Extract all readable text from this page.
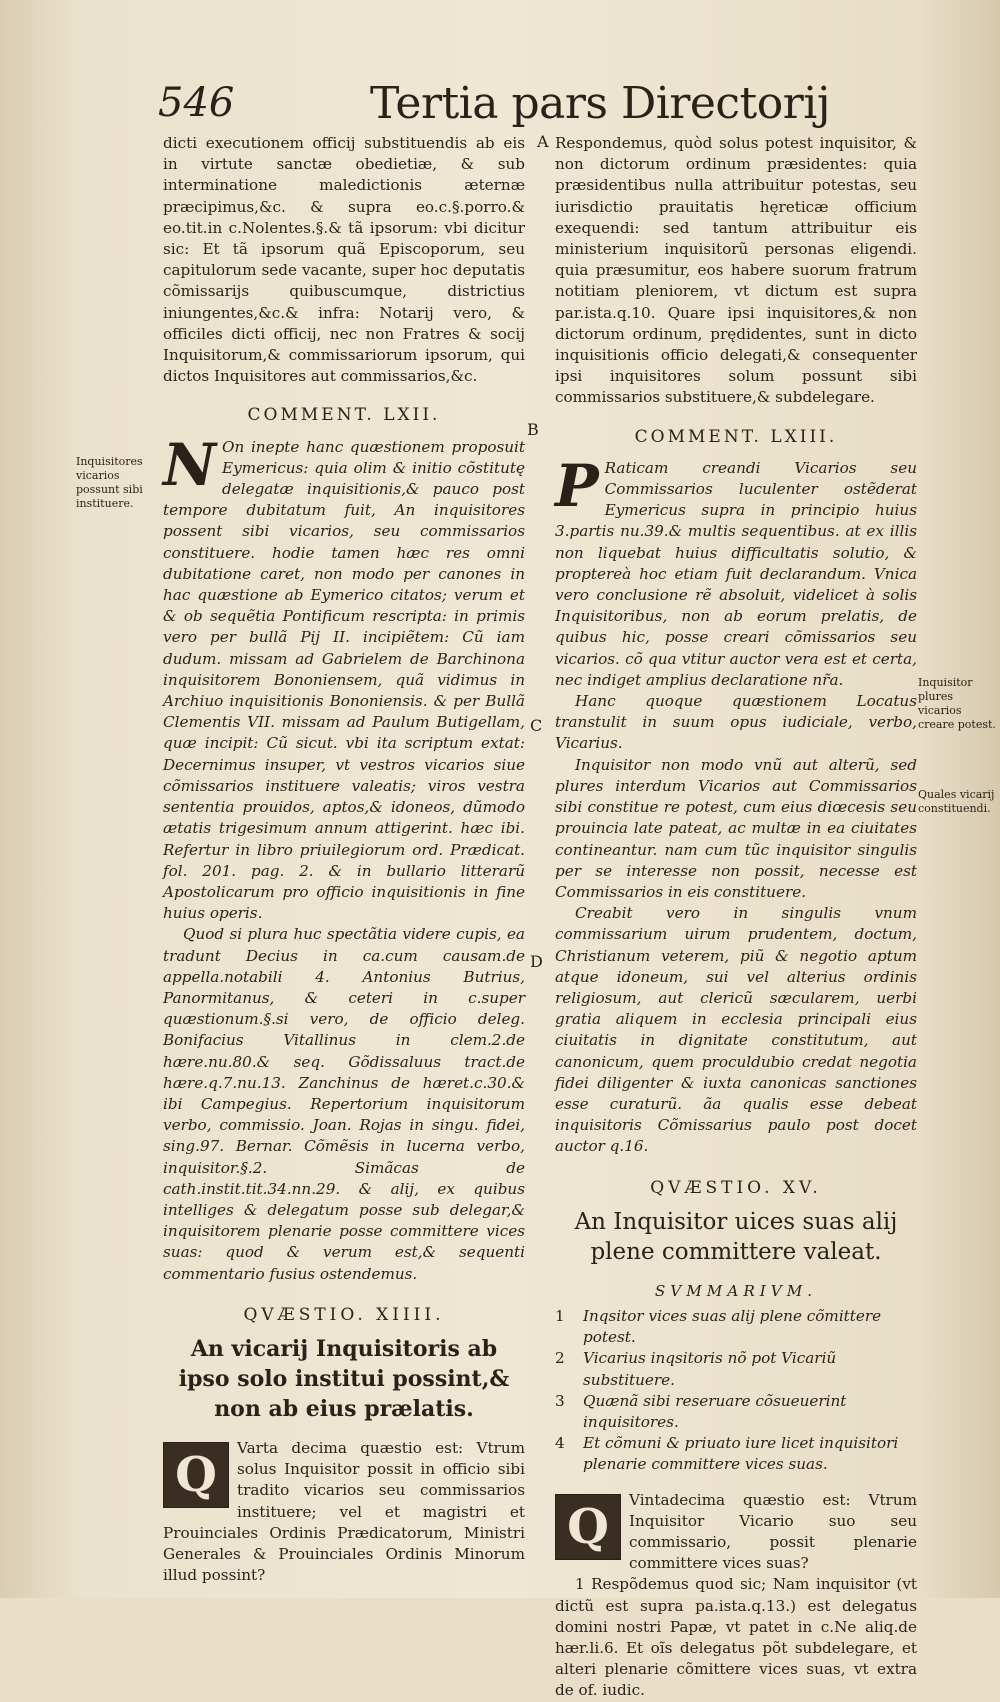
546	Tertia pars Directorij

dicti executionem officij substituendis ab eis in virtute sanctæ obedietiæ, & sub interminatione maledictionis æternæ præcipimus,&c. & supra eo.c.§.porro.& eo.tit.in c.Nolentes.§.& tã ipsorum: vbi dicitur sic: Et tã ipsorum quã Episcoporum, seu capitulorum sede vacante, super hoc deputatis cõmissarijs quibuscumque, districtius iniungentes,&c.& infra: Notarij vero, & officiles dicti officij, nec non Fratres & socij Inquisitorum,& commissariorum ipsorum, qui dictos Inquisitores aut commissarios,&c.

COMMENT. LXII.

N On inepte hanc quæstionem proposuit Eymericus: quia olim & initio cõstitutę delegatæ inquisitionis,& pauco post tempore dubitatum fuit, An inquisitores possent sibi vicarios, seu commissarios constituere. hodie tamen hæc res omni dubitatione caret, non modo per canones in hac quæstione ab Eymerico citatos; verum et & ob sequẽtia Pontificum rescripta: in primis vero per bullã Pij II. incipiẽtem: Cũ iam dudum. missam ad Gabrielem de Barchinona inquisitorem Bononiensem, quã vidimus in Archiuo inquisitionis Bononiensis. & per Bullã Clementis VII. missam ad Paulum Butigellam, quæ incipit: Cũ sicut. vbi ita scriptum extat: Decernimus insuper, vt vestros vicarios siue cõmissarios instituere valeatis; viros vestra sententia prouidos, aptos,& idoneos, dũmodo ætatis trigesimum annum attigerint. hæc ibi. Refertur in libro priuilegiorum ord. Prædicat. fol. 201. pag. 2. & in bullario litterarũ Apostolicarum pro officio inquisitionis in fine huius operis.

Quod si plura huc spectãtia videre cupis, ea tradunt Decius in ca.cum causam.de appella.notabili 4. Antonius Butrius, Panormitanus, & ceteri in c.super quæstionum.§.si vero, de officio deleg. Bonifacius Vitallinus in clem.2.de hære.nu.80.& seq. Gõdissaluus tract.de hære.q.7.nu.13. Zanchinus de hæret.c.30.& ibi Campegius. Repertorium inquisitorum verbo, commissio. Joan. Rojas in singu. fidei, sing.97. Bernar. Cõmẽsis in lucerna verbo, inquisitor.§.2. Simãcas de cath.instit.tit.34.nn.29. & alij, ex quibus intelliges & delegatum posse sub delegar,& inquisitorem plenarie posse committere vices suas: quod & verum est,& sequenti commentario fusius ostendemus.

QVÆSTIO. XIIII.
An vicarij Inquisitoris ab ipso solo institui possint,& non ab eius prælatis.

Q	Varta decima quæstio est: Vtrum solus Inquisitor possit in officio sibi tradito vicarios seu commissarios instituere; vel et magistri et Prouinciales Ordinis Prædicatorum, Ministri Generales & Prouinciales Ordinis Minorum illud possint?

Respondemus, quòd solus potest inquisitor, & non dictorum ordinum præsidentes: quia præsidentibus nulla attribuitur potestas, seu iurisdictio prauitatis hęreticæ officium exequendi: sed tantum attribuitur eis ministerium inquisitorũ personas eligendi. quia præsumitur, eos habere suorum fratrum notitiam pleniorem, vt dictum est supra par.ista.q.10. Quare ipsi inquisitores,& non dictorum ordinum, prędidentes, sunt in dicto inquisitionis officio delegati,& consequenter ipsi inquisitores solum possunt sibi commissarios substituere,& subdelegare.

COMMENT. LXIII.

P Raticam creandi Vicarios seu Commissarios luculenter ostẽderat Eymericus supra in principio huius 3.partis nu.39.& multis sequentibus. at ex illis non liquebat huius difficultatis solutio, & proptereà hoc etiam fuit declarandum. Vnica vero conclusione rẽ absoluit, videlicet à solis Inquisitoribus, non ab eorum prelatis, de quibus hic, posse creari cõmissarios seu vicarios. cõ qua vtitur auctor vera est et certa, nec indiget amplius declaratione nr̃a.

Hanc quoque quæstionem Locatus transtulit in suum opus iudiciale, verbo, Vicarius.

Inquisitor non modo vnũ aut alterũ, sed plures interdum Vicarios aut Commissarios sibi constitue re potest, cum eius diœcesis seu prouincia late pateat, ac multæ in ea ciuitates contineantur. nam cum tũc inquisitor singulis per se interesse non possit, necesse est Commissarios in eis constituere.

Creabit vero in singulis vnum commissarium uirum prudentem, doctum, Christianum veterem, piũ & negotio aptum atque idoneum, sui vel alterius ordinis religiosum, aut clericũ sæcularem, uerbi gratia aliquem in ecclesia principali eius ciuitatis in dignitate constitutum, aut canonicum, quem proculdubio credat negotia fidei diligenter & iuxta canonicas sanctiones esse curaturũ. ãa qualis esse debeat inquisitoris Cõmissarius paulo post docet auctor q.16.

QVÆSTIO. XV.
An Inquisitor uices suas alij plene committere valeat.
SVMMARIVM.
1	Inqsitor vices suas alij plene cõmittere potest.
2	Vicarius inqsitoris nõ pot Vicariũ substituere.
3	Quænã sibi reseruare cõsueuerint inquisitores.
4	Et cõmuni & priuato iure licet inquisitori plenarie committere vices suas.

Q	Vintadecima quæstio est: Vtrum Inquisitor Vicario suo seu commissario, possit plenarie committere vices suas?

1 Respõdemus quod sic; Nam inquisitor (vt dictũ est supra pa.ista.q.13.) est delegatus domini nostri Papæ, vt patet in c.Ne aliq.de hær.li.6. Et oĩs delegatus põt subdelegare, et alteri plenarie cõmittere vices suas, vt extra de of. iudic.

Inquisitores vicarios possunt sibi instituere.
Inquisitor plures vicarios creare potest.
Quales vicarij constituendi.
A
B
C
D
